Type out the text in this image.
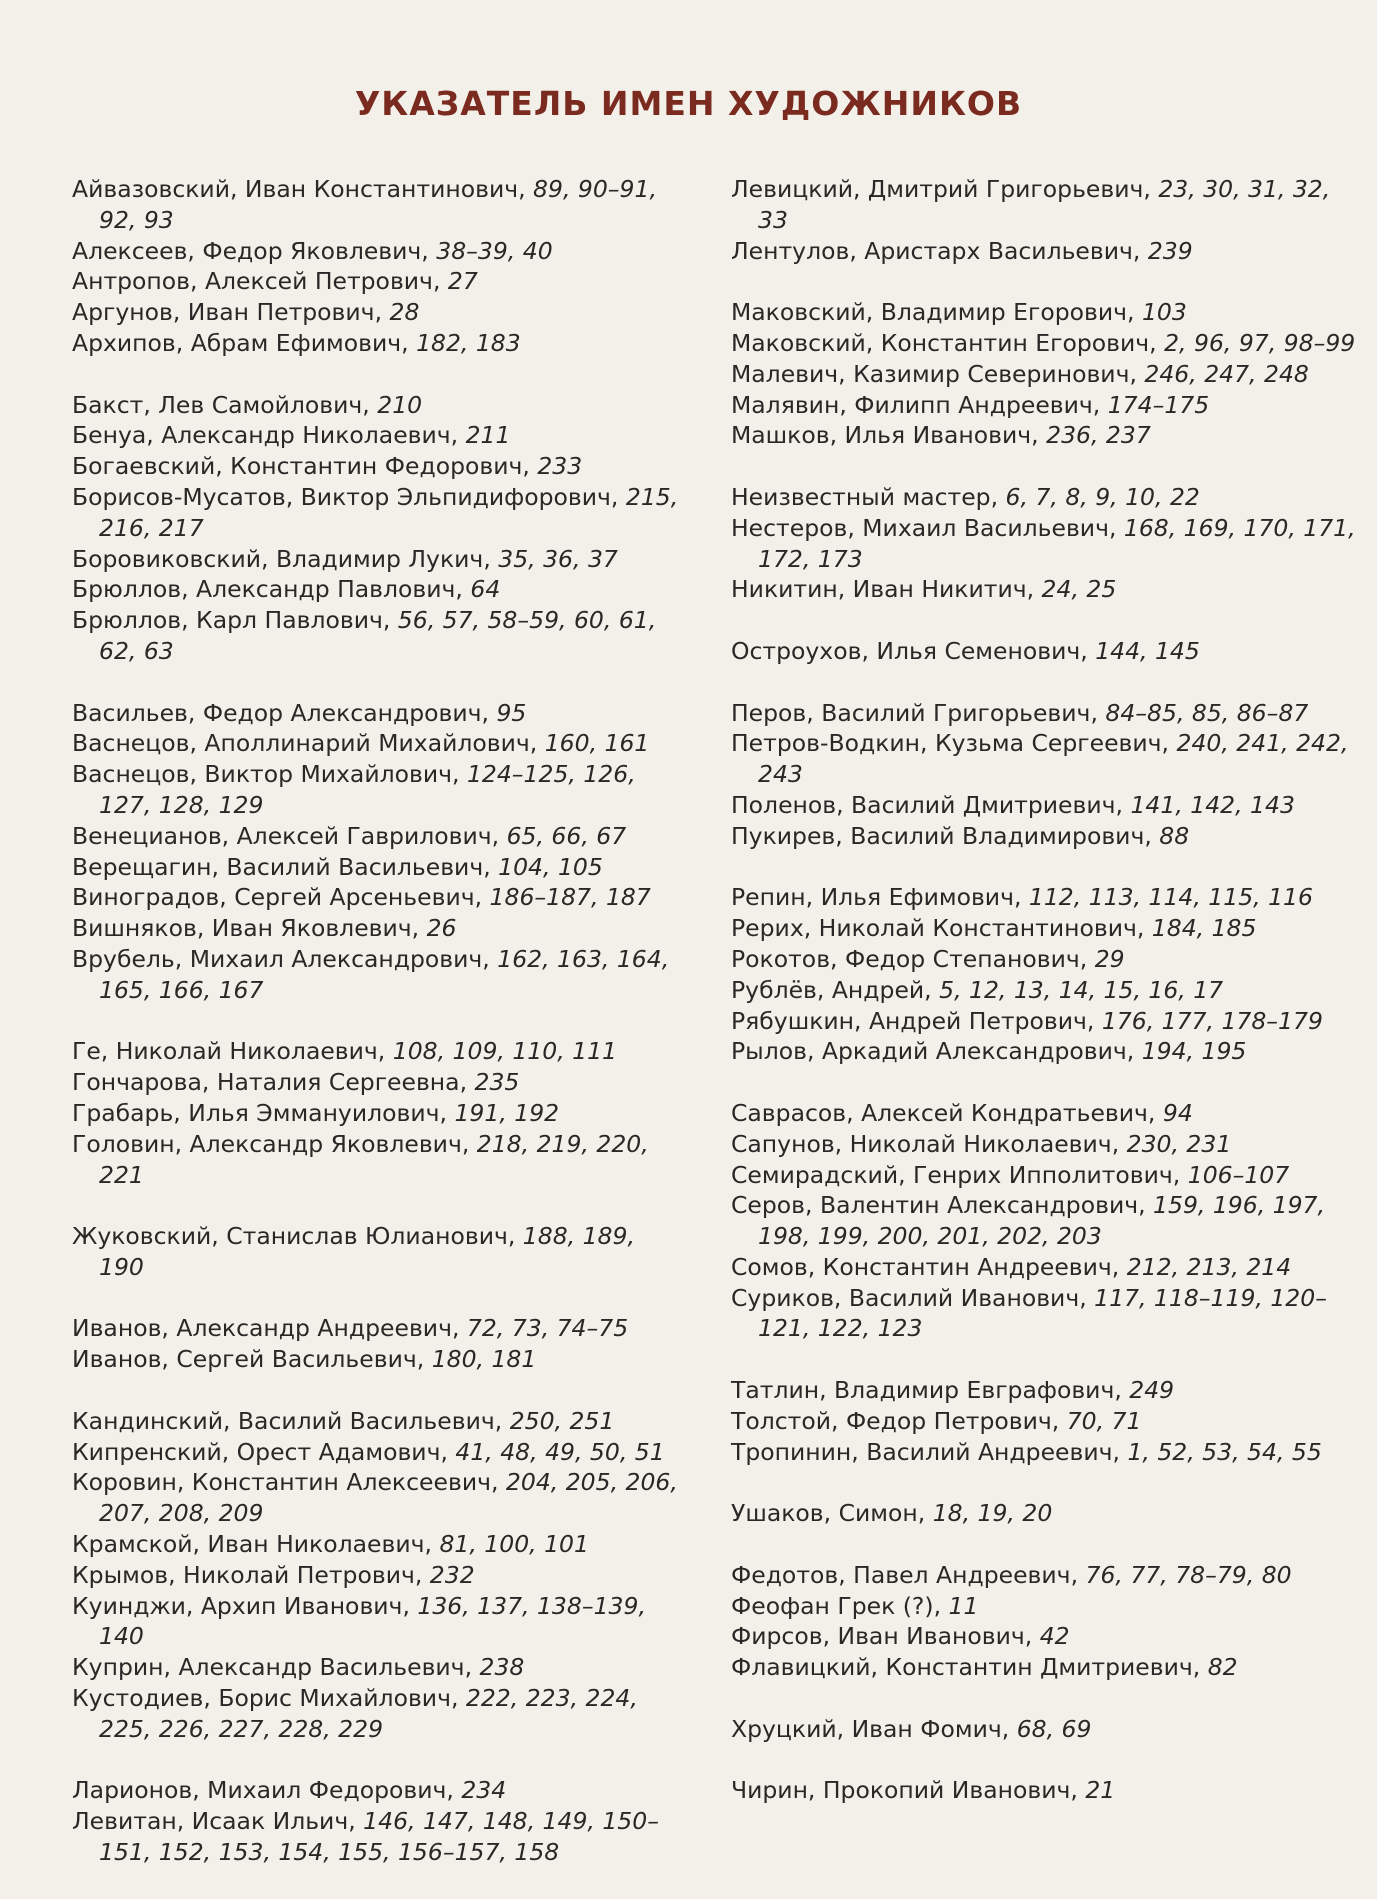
УКАЗАТЕЛЬ ИМЕН ХУДОЖНИКОВ
Айвазовский, Иван Константинович, 89, 90–91, 92, 93
Алексеев, Федор Яковлевич, 38–39, 40
Антропов, Алексей Петрович, 27
Аргунов, Иван Петрович, 28
Архипов, Абрам Ефимович, 182, 183
Бакст, Лев Самойлович, 210
Бенуа, Александр Николаевич, 211
Богаевский, Константин Федорович, 233
Борисов-Мусатов, Виктор Эльпидифорович, 215, 216, 217
Боровиковский, Владимир Лукич, 35, 36, 37
Брюллов, Александр Павлович, 64
Брюллов, Карл Павлович, 56, 57, 58–59, 60, 61, 62, 63
Васильев, Федор Александрович, 95
Васнецов, Аполлинарий Михайлович, 160, 161
Васнецов, Виктор Михайлович, 124–125, 126, 127, 128, 129
Венецианов, Алексей Гаврилович, 65, 66, 67
Верещагин, Василий Васильевич, 104, 105
Виноградов, Сергей Арсеньевич, 186–187, 187
Вишняков, Иван Яковлевич, 26
Врубель, Михаил Александрович, 162, 163, 164, 165, 166, 167
Ге, Николай Николаевич, 108, 109, 110, 111
Гончарова, Наталия Сергеевна, 235
Грабарь, Илья Эммануилович, 191, 192
Головин, Александр Яковлевич, 218, 219, 220, 221
Жуковский, Станислав Юлианович, 188, 189, 190
Иванов, Александр Андреевич, 72, 73, 74–75
Иванов, Сергей Васильевич, 180, 181
Кандинский, Василий Васильевич, 250, 251
Кипренский, Орест Адамович, 41, 48, 49, 50, 51
Коровин, Константин Алексеевич, 204, 205, 206, 207, 208, 209
Крамской, Иван Николаевич, 81, 100, 101
Крымов, Николай Петрович, 232
Куинджи, Архип Иванович, 136, 137, 138–139, 140
Куприн, Александр Васильевич, 238
Кустодиев, Борис Михайлович, 222, 223, 224, 225, 226, 227, 228, 229
Ларионов, Михаил Федорович, 234
Левитан, Исаак Ильич, 146, 147, 148, 149, 150–151, 152, 153, 154, 155, 156–157, 158
Левицкий, Дмитрий Григорьевич, 23, 30, 31, 32, 33
Лентулов, Аристарх Васильевич, 239
Маковский, Владимир Егорович, 103
Маковский, Константин Егорович, 2, 96, 97, 98–99
Малевич, Казимир Северинович, 246, 247, 248
Малявин, Филипп Андреевич, 174–175
Машков, Илья Иванович, 236, 237
Неизвестный мастер, 6, 7, 8, 9, 10, 22
Нестеров, Михаил Васильевич, 168, 169, 170, 171, 172, 173
Никитин, Иван Никитич, 24, 25
Остроухов, Илья Семенович, 144, 145
Перов, Василий Григорьевич, 84–85, 85, 86–87
Петров-Водкин, Кузьма Сергеевич, 240, 241, 242, 243
Поленов, Василий Дмитриевич, 141, 142, 143
Пукирев, Василий Владимирович, 88
Репин, Илья Ефимович, 112, 113, 114, 115, 116
Рерих, Николай Константинович, 184, 185
Рокотов, Федор Степанович, 29
Рублёв, Андрей, 5, 12, 13, 14, 15, 16, 17
Рябушкин, Андрей Петрович, 176, 177, 178–179
Рылов, Аркадий Александрович, 194, 195
Саврасов, Алексей Кондратьевич, 94
Сапунов, Николай Николаевич, 230, 231
Семирадский, Генрих Ипполитович, 106–107
Серов, Валентин Александрович, 159, 196, 197, 198, 199, 200, 201, 202, 203
Сомов, Константин Андреевич, 212, 213, 214
Суриков, Василий Иванович, 117, 118–119, 120–121, 122, 123
Татлин, Владимир Евграфович, 249
Толстой, Федор Петрович, 70, 71
Тропинин, Василий Андреевич, 1, 52, 53, 54, 55
Ушаков, Симон, 18, 19, 20
Федотов, Павел Андреевич, 76, 77, 78–79, 80
Феофан Грек (?), 11
Фирсов, Иван Иванович, 42
Флавицкий, Константин Дмитриевич, 82
Хруцкий, Иван Фомич, 68, 69
Чирин, Прокопий Иванович, 21
